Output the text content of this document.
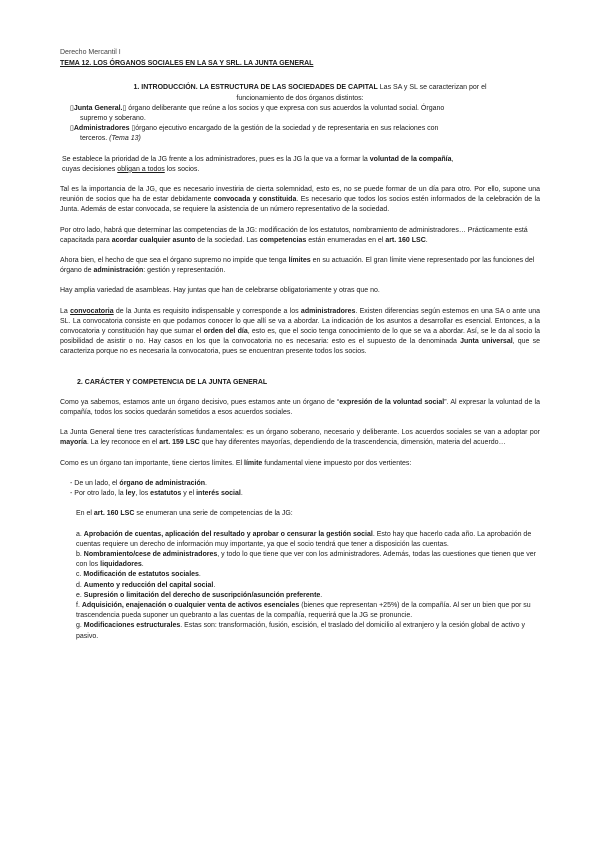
Derecho Mercantil I
TEMA 12. LOS ÓRGANOS SOCIALES EN LA SA Y SRL. LA JUNTA GENERAL
1. INTRODUCCIÓN. LA ESTRUCTURA DE LAS SOCIEDADES DE CAPITAL Las SA y SL se caracterizan por el
funcionamiento de dos órganos distintos:
▯Junta General.▯ órgano deliberante que reúne a los socios y que expresa con sus acuerdos la voluntad social. Órgano
supremo y soberano.
▯Administradores ▯órgano ejecutivo encargado de la gestión de la sociedad y de representaria en sus relaciones con
terceros. (Tema 13)

Se establece la prioridad de la JG frente a los administradores, pues es la JG la que va a formar la voluntad de la compañía,
cuyas decisiones obligan a todos los socios.

Tal es la importancia de la JG, que es necesario investiria de cierta solemnidad, esto es, no se puede formar de un día para otro. Por ello, supone una reunión de socios que ha de estar debidamente convocada y constituida. Es necesario que todos los socios estén informados de la celebración de la Junta. Además de estar convocada, se requiere la asistencia de un número representativo de la sociedad.

Por otro lado, habrá que determinar las competencias de la JG: modificación de los estatutos, nombramiento de administradores… Prácticamente está capacitada para acordar cualquier asunto de la sociedad. Las competencias están enumeradas en el art. 160 LSC.

Ahora bien, el hecho de que sea el órgano supremo no impide que tenga límites en su actuación. El gran límite viene representado por las funciones del órgano de administración: gestión y representación.

Hay amplia variedad de asambleas. Hay juntas que han de celebrarse obligatoriamente y otras que no.

La convocatoria de la Junta es requisito indispensable y corresponde a los administradores. Existen diferencias según estemos en una SA o ante una SL. La convocatoria consiste en que podamos conocer lo que allí se va a abordar. La indicación de los asuntos a desarrollar es esencial. Entonces, a la convocatoria y constitución hay que sumar el orden del día, esto es, que el socio tenga conocimiento de lo que se va a abordar. Así, se le da al socio la posibilidad de asistir o no. Hay casos en los que la convocatoria no es necesaria: esto es el supuesto de la denominada Junta universal, que se caracteriza porque no es necesaria la convocatoria, pues se encuentran presente todos los socios.

2. CARÁCTER Y COMPETENCIA DE LA JUNTA GENERAL

Como ya sabemos, estamos ante un órgano decisivo, pues estamos ante un órgano de “expresión de la voluntad social”. Al expresar la voluntad de la compañía, todos los socios quedarán sometidos a esos acuerdos sociales.

La Junta General tiene tres características fundamentales: es un órgano soberano, necesario y deliberante. Los acuerdos sociales se van a adoptar por mayoría. La ley reconoce en el art. 159 LSC que hay diferentes mayorías, dependiendo de la trascendencia, dimensión, materia del acuerdo…

Como es un órgano tan importante, tiene ciertos límites. El límite fundamental viene impuesto por dos vertientes:

- De un lado, el órgano de administración.
- Por otro lado, la ley, los estatutos y el interés social.

En el art. 160 LSC se enumeran una serie de competencias de la JG:

a. Aprobación de cuentas, aplicación del resultado y aprobar o censurar la gestión social. Esto hay que hacerlo cada año. La aprobación de cuentas requiere un derecho de información muy importante, ya que el socio tendrá que tener a disposición las cuentas.

b. Nombramiento/cese de administradores, y todo lo que tiene que ver con los administradores. Además, todas las cuestiones que tienen que ver con los liquidadores.

c. Modificación de estatutos sociales.

d. Aumento y reducción del capital social.

e. Supresión o limitación del derecho de suscripción/asunción preferente.

f. Adquisición, enajenación o cualquier venta de activos esenciales (bienes que representan +25%) de la compañía. Al ser un bien que por su trascendencia pueda suponer un quebranto a las cuentas de la compañía, requerirá que la JG se pronuncie.

g. Modificaciones estructurales. Estas son: transformación, fusión, escisión, el traslado del domicilio al extranjero y la cesión global de activo y pasivo.
